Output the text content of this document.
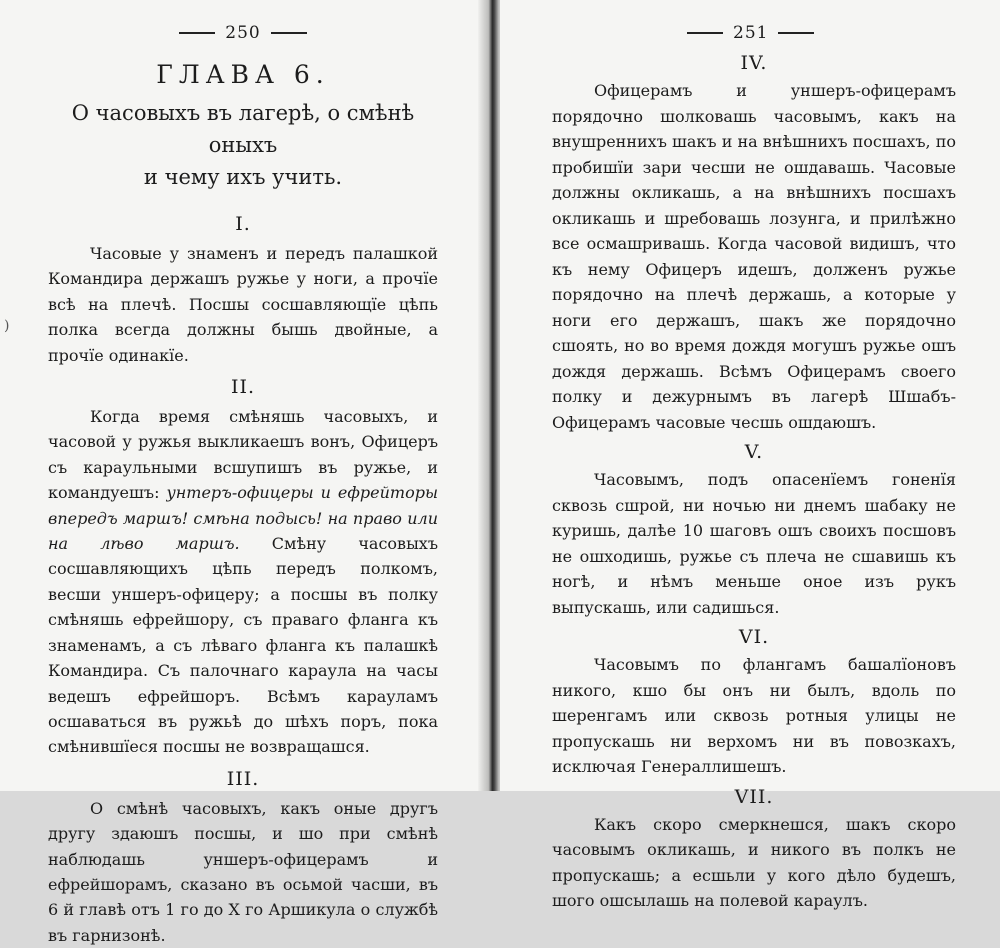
250
ГЛАВА 6.
О часовыхъ въ лагерѣ, о смѣнѣ оныхъ
и чему ихъ учить.
I.

Часовые у знаменъ и передъ палашкой Командира держашъ ружье у ноги, а прочïе всѣ на плечѣ. Посшы сосшавляющïе цѣпь полка всегда должны бышь двойные, а прочïе одинакïе.

II.

Когда время смѣняшь часовыхъ, и часовой у ружья выкликаешъ вонъ, Офицеръ съ караульными всшупишъ въ ружье, и командуешъ: унтеръ-офицеры и ефрейторы впередъ маршъ! смѣна подысь! на право или на лѣво маршъ. Смѣну часовыхъ сосшавляющихъ цѣпь передъ полкомъ, весши уншеръ-офицеру; а посшы въ полку смѣняшь ефрейшору, съ праваго фланга къ знаменамъ, а съ лѣваго фланга къ палашкѣ Командира. Съ палочнаго караула на часы ведешъ ефрейшоръ. Всѣмъ карауламъ осшаваться въ ружьѣ до шѣхъ поръ, пока смѣнившïеся посшы не возвращашся.

III.

О смѣнѣ часовыхъ, какъ оные другъ другу здаюшъ посшы, и шо при смѣнѣ наблюдашь уншеръ-офицерамъ и ефрейшорамъ, сказано въ осьмой часши, въ 6 й главѣ отъ 1 го до X го Аршикула о службѣ въ гарнизонѣ.

)
251
IV.

Офицерамъ и уншеръ-офицерамъ порядочно шолковашь часовымъ, какъ на внушреннихъ шакъ и на внѣшнихъ посшахъ, по пробишïи зари чесши не ошдавашь. Часовые должны окликашь, а на внѣшнихъ посшахъ окликашь и шребовашь лозунга, и прилѣжно все осмашривашь. Когда часовой видишъ, что къ нему Офицеръ идешъ, долженъ ружье порядочно на плечѣ держашь, а которые у ноги его держашъ, шакъ же порядочно сшоять, но во время дождя могушъ ружье ошъ дождя держашь. Всѣмъ Офицерамъ своего полку и дежурнымъ въ лагерѣ Шшабъ-Офицерамъ часовые чесшь ошдаюшъ.

V.

Часовымъ, подъ опасенïемъ гоненïя сквозь сшрой, ни ночью ни днемъ шабаку не куришь, далѣе 10 шаговъ ошъ своихъ посшовъ не ошходишь, ружье съ плеча не сшавишь къ ногѣ, и нѣмъ меньше оное изъ рукъ выпускашь, или садишься.

VI.

Часовымъ по флангамъ башалïоновъ никого, кшо бы онъ ни былъ, вдоль по шеренгамъ или сквозь ротныя улицы не пропускашь ни верхомъ ни въ повозкахъ, исключая Генераллишешъ.

VII.

Какъ скоро смеркнешся, шакъ скоро часовымъ окликашь, и никого въ полкъ не пропускашь; а есшьли у кого дѣло будешъ, шого ошсылашь на полевой караулъ.
